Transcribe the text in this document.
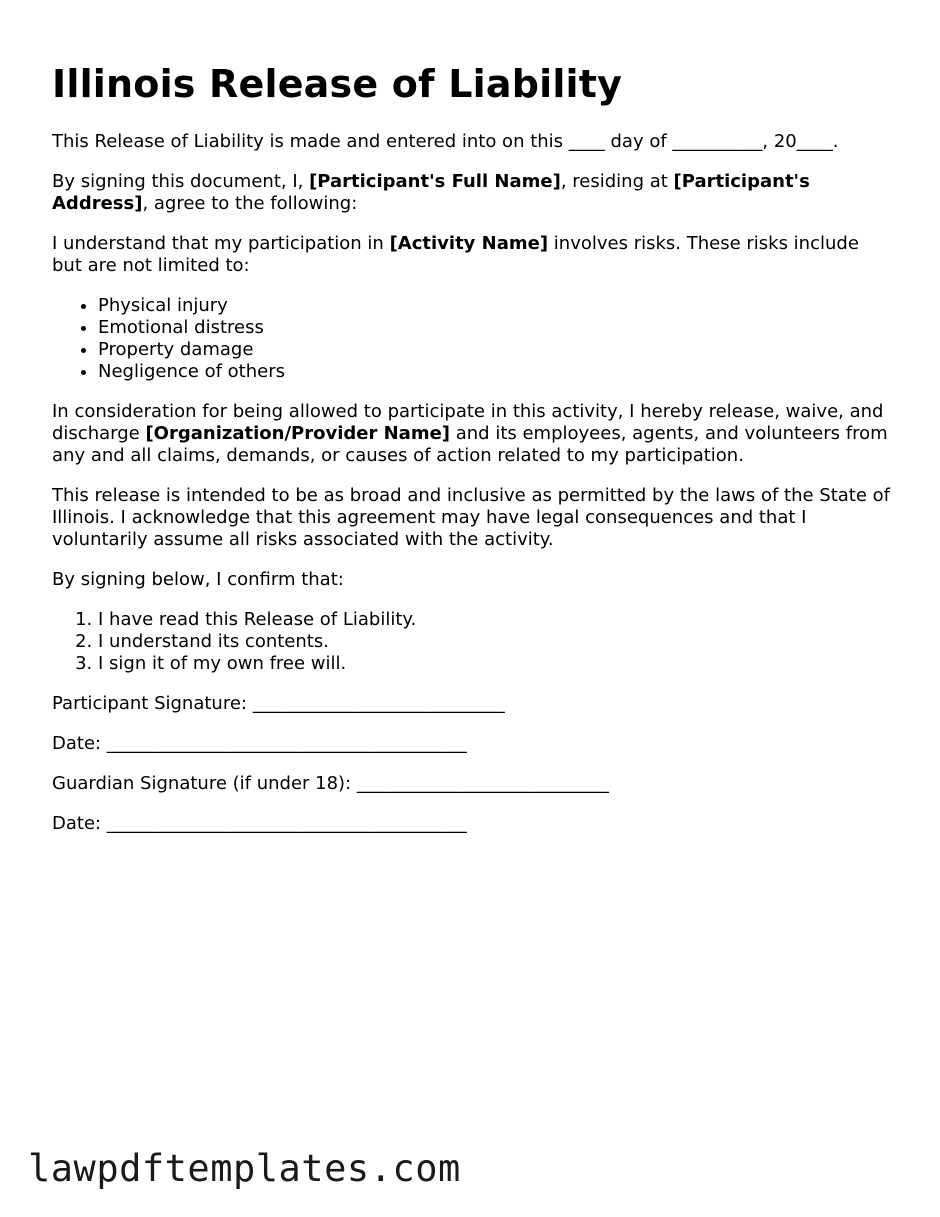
Illinois Release of Liability

This Release of Liability is made and entered into on this ____ day of __________, 20____.

By signing this document, I, [Participant's Full Name], residing at [Participant's Address], agree to the following:

I understand that my participation in [Activity Name] involves risks. These risks include but are not limited to:

• Physical injury
• Emotional distress
• Property damage
• Negligence of others

In consideration for being allowed to participate in this activity, I hereby release, waive, and discharge [Organization/Provider Name] and its employees, agents, and volunteers from any and all claims, demands, or causes of action related to my participation.

This release is intended to be as broad and inclusive as permitted by the laws of the State of Illinois. I acknowledge that this agreement may have legal consequences and that I voluntarily assume all risks associated with the activity.

By signing below, I confirm that:

1. I have read this Release of Liability.
2. I understand its contents.
3. I sign it of my own free will.

Participant Signature: ____________________________

Date: ________________________________________

Guardian Signature (if under 18): ____________________________

Date: ________________________________________

lawpdftemplates.com
